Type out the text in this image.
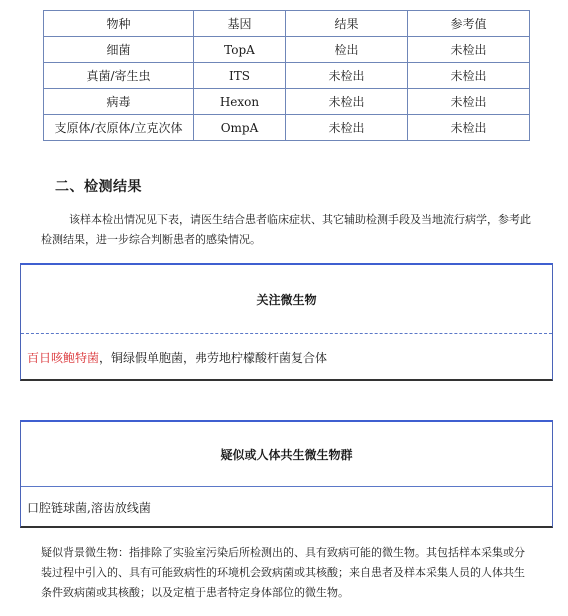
物种	基因	结果	参考值
细菌	TopA	检出	未检出
真菌/寄生虫	ITS	未检出	未检出
病毒	Hexon	未检出	未检出
支原体/衣原体/立克次体	OmpA	未检出	未检出
二、检测结果
该样本检出情况见下表，请医生结合患者临床症状、其它辅助检测手段及当地流行病学，参考此检测结果，进一步综合判断患者的感染情况。
关注微生物
百日咳鲍特菌 ，铜绿假单胞菌，弗劳地柠檬酸杆菌复合体
疑似或人体共生微生物群
口腔链球菌,溶齿放线菌
疑似背景微生物：指排除了实验室污染后所检测出的、具有致病可能的微生物。其包括样本采集或分装过程中引入的、具有可能致病性的环境机会致病菌或其核酸；来自患者及样本采集人员的人体共生条件致病菌或其核酸；以及定植于患者特定身体部位的微生物。
